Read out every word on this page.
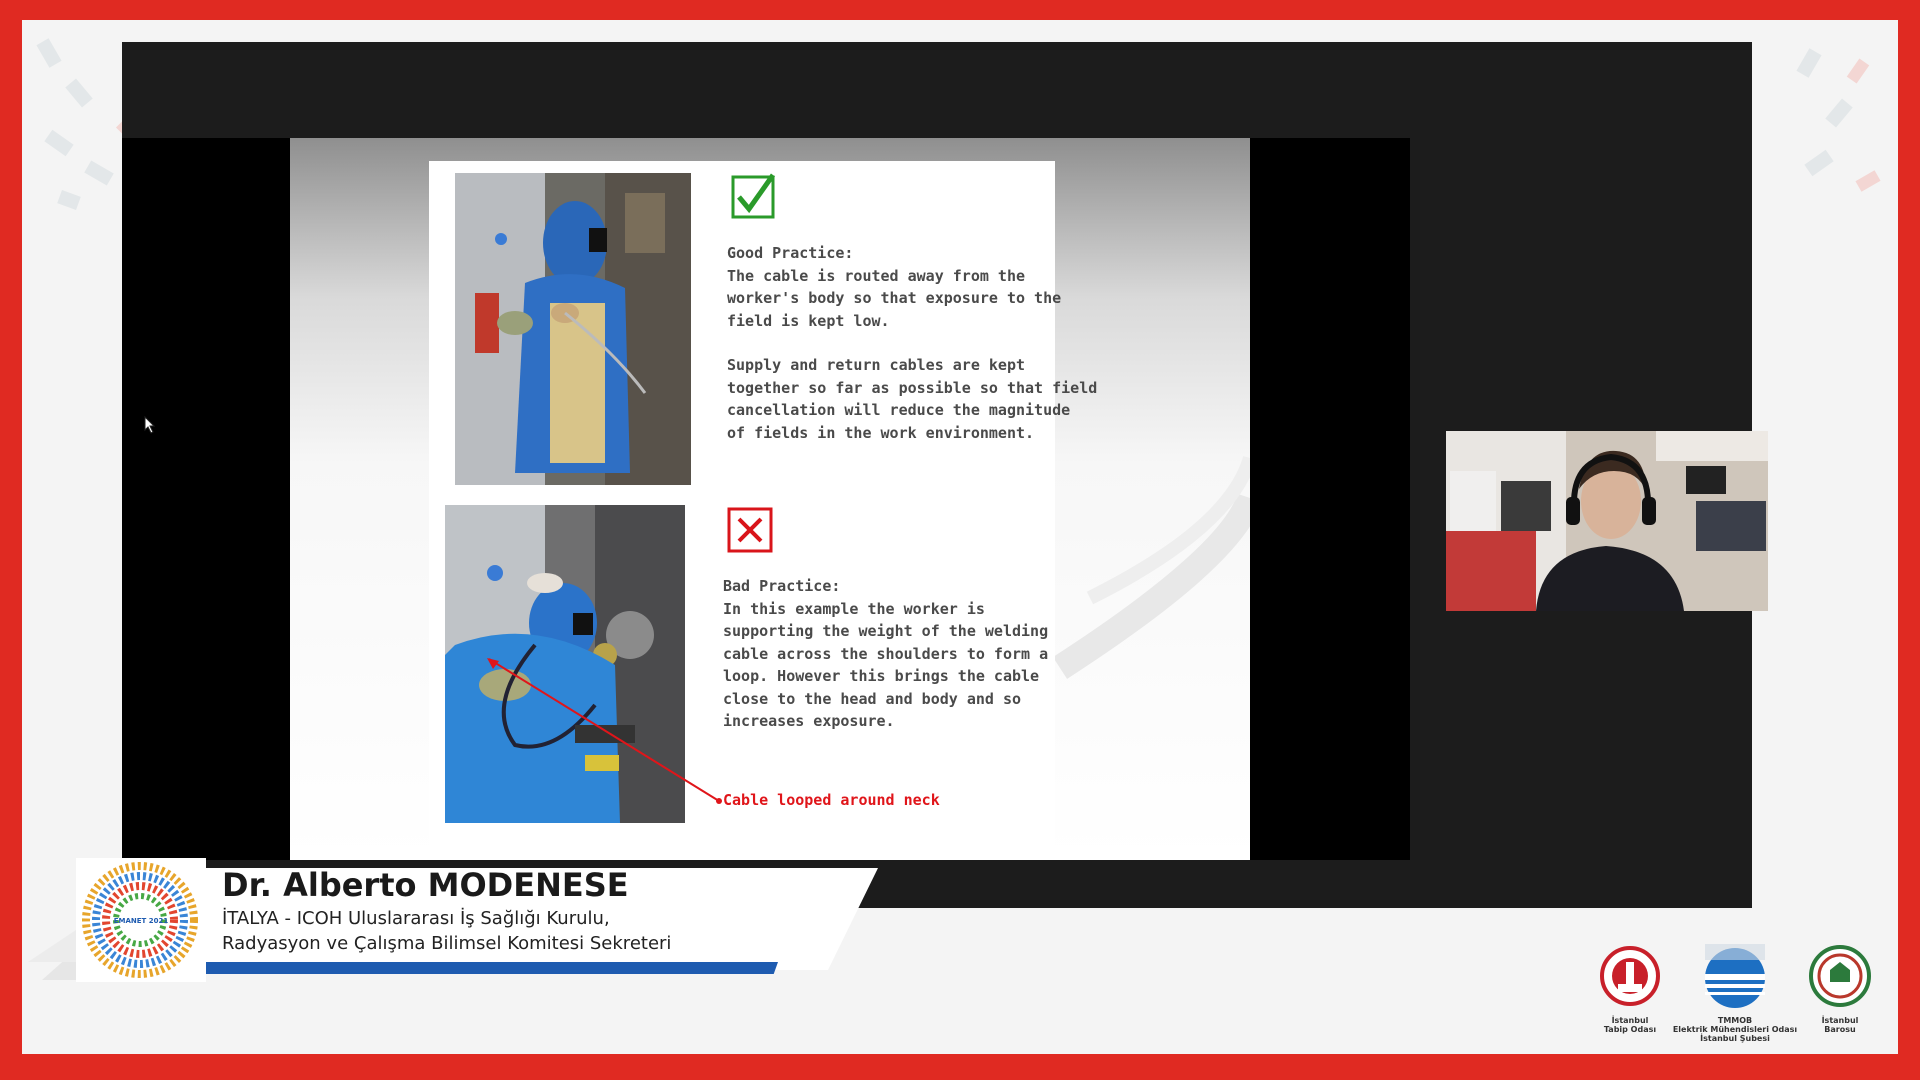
Good Practice:
The cable is routed away from the
worker's body so that exposure to the
field is kept low.
Supply and return cables are kept
together so far as possible so that field
cancellation will reduce the magnitude
of fields in the work environment.
Bad Practice:
In this example the worker is
supporting the weight of the welding
cable across the shoulders to form a
loop. However this brings the cable
close to the head and body and so
increases exposure.
Cable looped around neck
EMANET 2021
Dr. Alberto MODENESE
İTALYA - ICOH Uluslararası İş Sağlığı Kurulu,
Radyasyon ve Çalışma Bilimsel Komitesi Sekreteri
İstanbul
Tabip Odası
TMMOB
Elektrik Mühendisleri Odası
İstanbul Şubesi
İstanbul
Barosu
